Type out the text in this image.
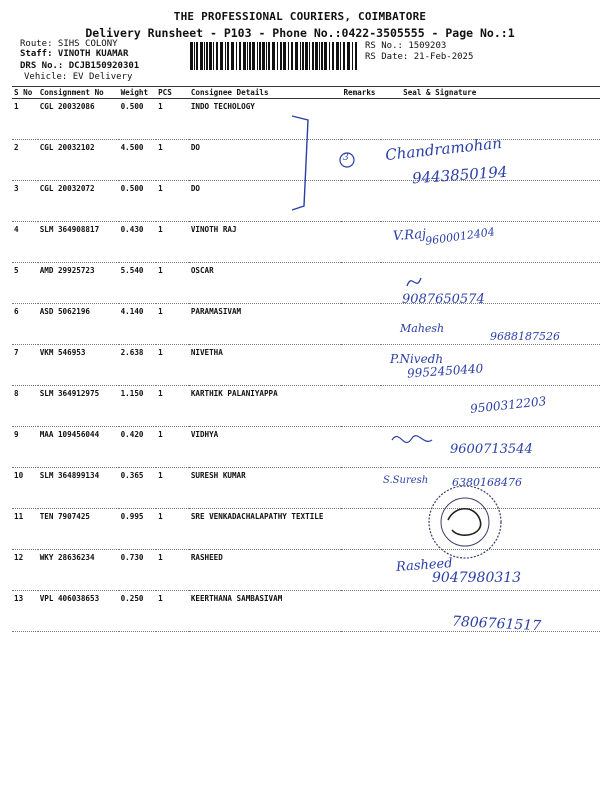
THE PROFESSIONAL COURIERS, COIMBATORE
Delivery Runsheet - P103 - Phone No.:0422-3505555 - Page No.:1
Route: SIHS COLONY
Staff: VINOTH KUAMAR
DRS No.: DCJB150920301
Vehicle: EV Delivery
RS No.: 1509203
RS Date: 21-Feb-2025
S No	Consignment No	Weight	PCS	Consignee Details	Remarks	Seal & Signature
1	CGL 20032086	0.500	1	INDO TECHOLOGY		
2	CGL 20032102	4.500	1	DO		
3	CGL 20032072	0.500	1	DO		
4	SLM 364908817	0.430	1	VINOTH RAJ		
5	AMD 29925723	5.540	1	OSCAR		
6	ASD 5062196	4.140	1	PARAMASIVAM		
7	VKM 546953	2.638	1	NIVETHA		
8	SLM 364912975	1.150	1	KARTHIK PALANIYAPPA		
9	MAA 109456044	0.420	1	VIDHYA		
10	SLM 364899134	0.365	1	SURESH KUMAR		
11	TEN 7907425	0.995	1	SRE VENKADACHALAPATHY TEXTILE		
12	WKY 28636234	0.730	1	RASHEED		
13	VPL 406038653	0.250	1	KEERTHANA SAMBASIVAM		
3 Chandramohan
9443850194
V.Raj
9600012404
9087650574
Mahesh
9688187526
P.Nivedh
9952450440
9500312203
9600713544
S.Suresh 6380168476
Rasheed
9047980313
7806761517
